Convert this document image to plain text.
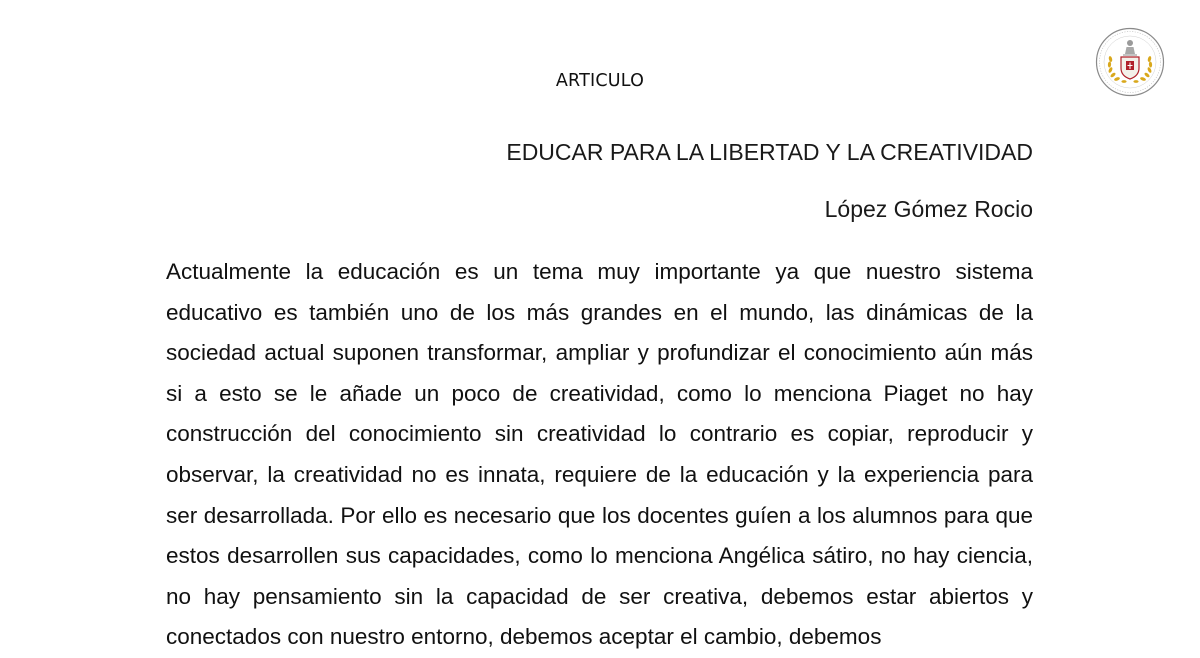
ARTICULO
EDUCAR PARA LA LIBERTAD Y LA CREATIVIDAD
López Gómez Rocio

Actualmente la educación es un tema muy importante ya que nuestro sistema educativo es también uno de los más grandes en el mundo, las dinámicas de la sociedad actual suponen transformar, ampliar y profundizar el conocimiento aún más si a esto se le añade un poco de creatividad, como lo menciona Piaget no hay construcción del conocimiento sin creatividad lo contrario es copiar, reproducir y observar, la creatividad no es innata, requiere de la educación y la experiencia para ser desarrollada. Por ello es necesario que los docentes guíen a los alumnos para que estos desarrollen sus capacidades, como lo menciona Angélica sátiro, no hay ciencia, no hay pensamiento sin la capacidad de ser creativa, debemos estar abiertos y conectados con nuestro entorno, debemos aceptar el cambio, debemos
